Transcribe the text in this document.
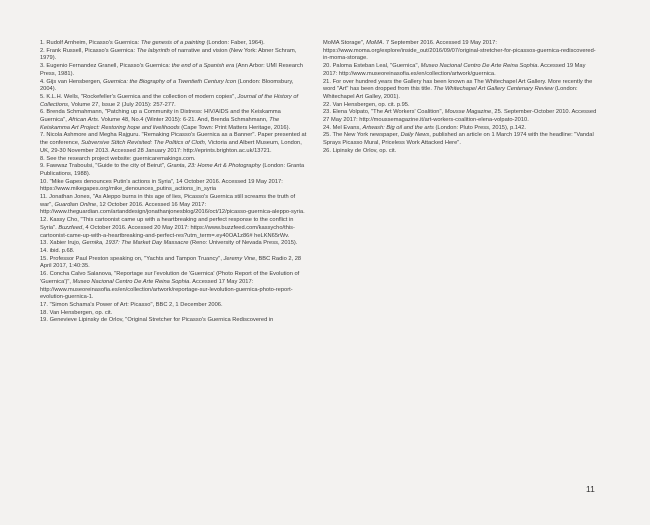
1. Rudolf Arnheim, Picasso's Guernica: The genesis of a painting (London: Faber, 1964).

2. Frank Russell, Picasso's Guernica: The labyrinth of narrative and vision (New York: Abner Schram, 1979).

3. Eugenio Fernandez Granell, Picasso's Guernica: the end of a Spanish era (Ann Arbor: UMI Research Press, 1981).

4. Gijs van Hensbergen, Guernica: the Biography of a Twentieth Century Icon (London: Bloomsbury, 2004).

5. K.L.H. Wells, "Rockefeller's Guernica and the collection of modern copies", Journal of the History of Collections, Volume 27, Issue 2 (July 2015): 257-277.

6. Brenda Schmahmann, "Patching up a Community in Distress: HIV/AIDS and the Keiskamma Guernica", African Arts. Volume 48, No.4 (Winter 2015): 6-21. And, Brenda Schmahmann, The Keiskamma Art Project: Restoring hope and livelihoods (Cape Town: Print Matters Heritage, 2016).

7. Nicola Ashmore and Megha Rajguru. "Remaking Picasso's Guernica as a Banner". Paper presented at the conference, Subversive Stitch Revisited: The Politics of Cloth, Victoria and Albert Museum, London, UK, 29-30 November 2013. Accessed 28 January 2017: http://eprints.brighton.ac.uk/13721.

8. See the research project website: guernicaremakings.com.

9. Fawwaz Traboulsi, "Guide to the city of Beirut", Granta, 23: Home Art & Photography (London: Granta Publications, 1988).

10. "Mike Gapes denounces Putin's actions in Syria", 14 October 2016. Accessed 19 May 2017: https://www.mikegapes.org/mike_denounces_putins_actions_in_syria

11. Jonathan Jones, "As Aleppo burns in this age of lies, Picasso's Guernica still screams the truth of war", Guardian Online, 12 October 2016. Accessed 16 May 2017: http://www.theguardian.com/artanddesign/jonathanjonesblog/2016/oct/12/picasso-guernica-aleppo-syria.

12. Kassy Cho, "This cartoonist came up with a heartbreaking and perfect response to the conflict in Syria". Buzzfeed, 4 October 2016. Accessed 20 May 2017: https://www.buzzfeed.com/kassycho/this-cartoonist-came-up-with-a-heartbreaking-and-perfect-res?utm_term=.ey40OA1z86# heLKN65rWv.

13. Xabier Irujo, Gernika, 1937: The Market Day Massacre (Reno: University of Nevada Press, 2015).

14. ibid. p.68.

15. Professor Paul Preston speaking on, "Yachts and Tampon Truancy", Jeremy Vine, BBC Radio 2, 28 April 2017, 1:40:35.

16. Concha Calvo Salanova, "Reportage sur l'evolution de 'Guernica' (Photo Report of the Evolution of 'Guernica')", Museo Nacional Centro De Arte Reina Sophia. Accessed 17 May 2017: http://www.museoreinasofia.es/en/collection/artwork/reportage-sur-levolution-guernica-photo-report-evolution-guernica-1.

17. "Simon Schama's Power of Art: Picasso", BBC 2, 1 December 2006.

18. Van Hensbergen, op. cit.

19. Genevieve Lipinsky de Orlov, "Original Stretcher for Picasso's Guernica Rediscovered in

MoMA Storage", MoMA. 7 September 2016. Accessed 19 May 2017: https://www.moma.org/explore/inside_out/2016/09/07/original-stretcher-for-picassos-guernica-rediscovered-in-moma-storage.

20. Paloma Esteban Leal, "Guernica", Museo Nacional Centro De Arte Reina Sophia. Accessed 19 May 2017: http://www.museoreinasofia.es/en/collection/artwork/guernica.

21. For over hundred years the Gallery has been known as The Whitechapel Art Gallery. More recently the word "Art" has been dropped from this title. The Whitechapel Art Gallery Centenary Review (London: Whitechapel Art Galley, 2001).

22. Van Hensbergen, op. cit. p.95.

23. Elena Volpato, "The Art Workers' Coalition", Mousse Magazine, 25. September-October 2010. Accessed 27 May 2017: http://moussemagazine.it/art-workers-coalition-elena-volpato-2010.

24. Mel Evans, Artwash: Big oil and the arts (London: Pluto Press, 2015), p.142.

25. The New York newspaper, Daily News, published an article on 1 March 1974 with the headline: "Vandal Sprays Picasso Mural, Priceless Work Attacked Here".

26. Lipinsky de Orlov, op. cit.

11
